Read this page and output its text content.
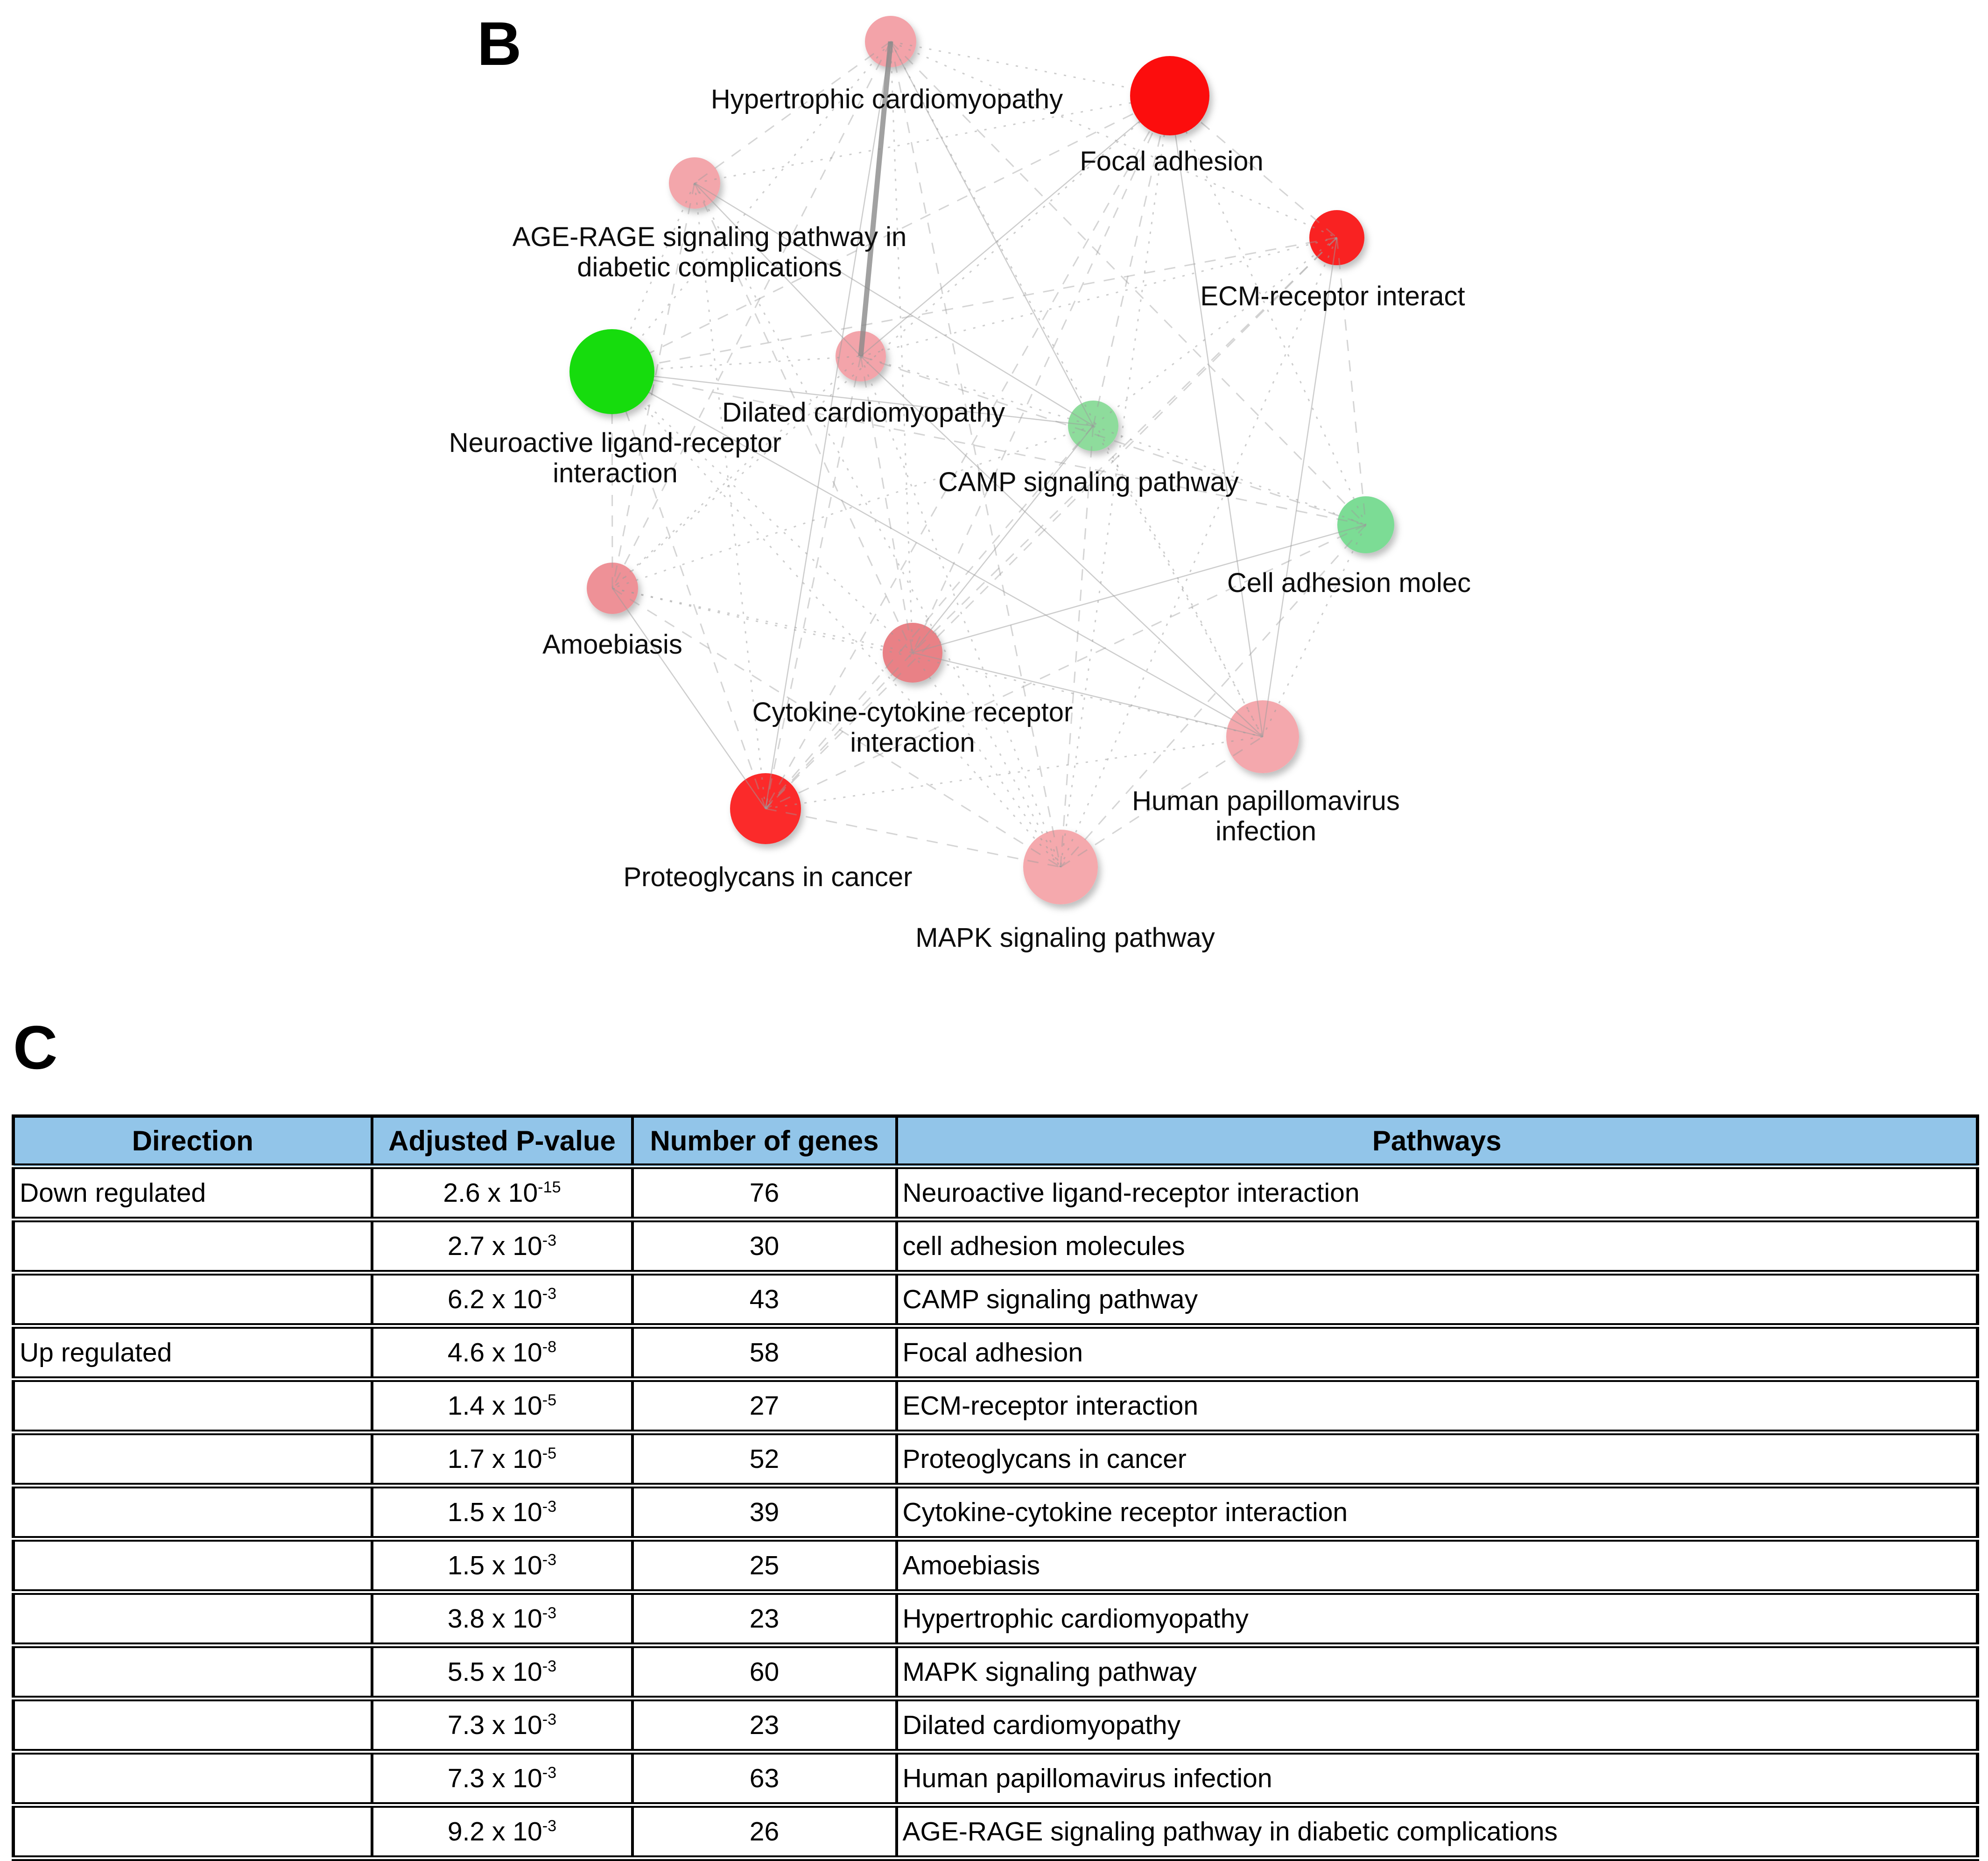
B
Hypertrophic cardiomyopathy
Focal adhesion
AGE-RAGE signaling pathway in diabetic complications
ECM-receptor interact
Neuroactive ligand-receptor interaction
Dilated cardiomyopathy
CAMP signaling pathway
Cell adhesion molec
Amoebiasis
Cytokine-cytokine receptor interaction
Human papillomavirus infection
Proteoglycans in cancer
MAPK signaling pathway
C
Direction	Adjusted P-value	Number of genes	Pathways
Down regulated	2.6 x $10^{-15}$	76	Neuroactive ligand-receptor interaction
	2.7 x $10^{-3}$	30	cell adhesion molecules
	6.2 x $10^{-3}$	43	CAMP signaling pathway
Up regulated	4.6 x $10^{-8}$	58	Focal adhesion
	1.4 x $10^{-5}$	27	ECM-receptor interaction
	1.7 x $10^{-5}$	52	Proteoglycans in cancer
	1.5 x $10^{-3}$	39	Cytokine-cytokine receptor interaction
	1.5 x $10^{-3}$	25	Amoebiasis
	3.8 x $10^{-3}$	23	Hypertrophic cardiomyopathy
	5.5 x $10^{-3}$	60	MAPK signaling pathway
	7.3 x $10^{-3}$	23	Dilated cardiomyopathy
	7.3 x $10^{-3}$	63	Human papillomavirus infection
	9.2 x $10^{-3}$	26	AGE-RAGE signaling pathway in diabetic complications
